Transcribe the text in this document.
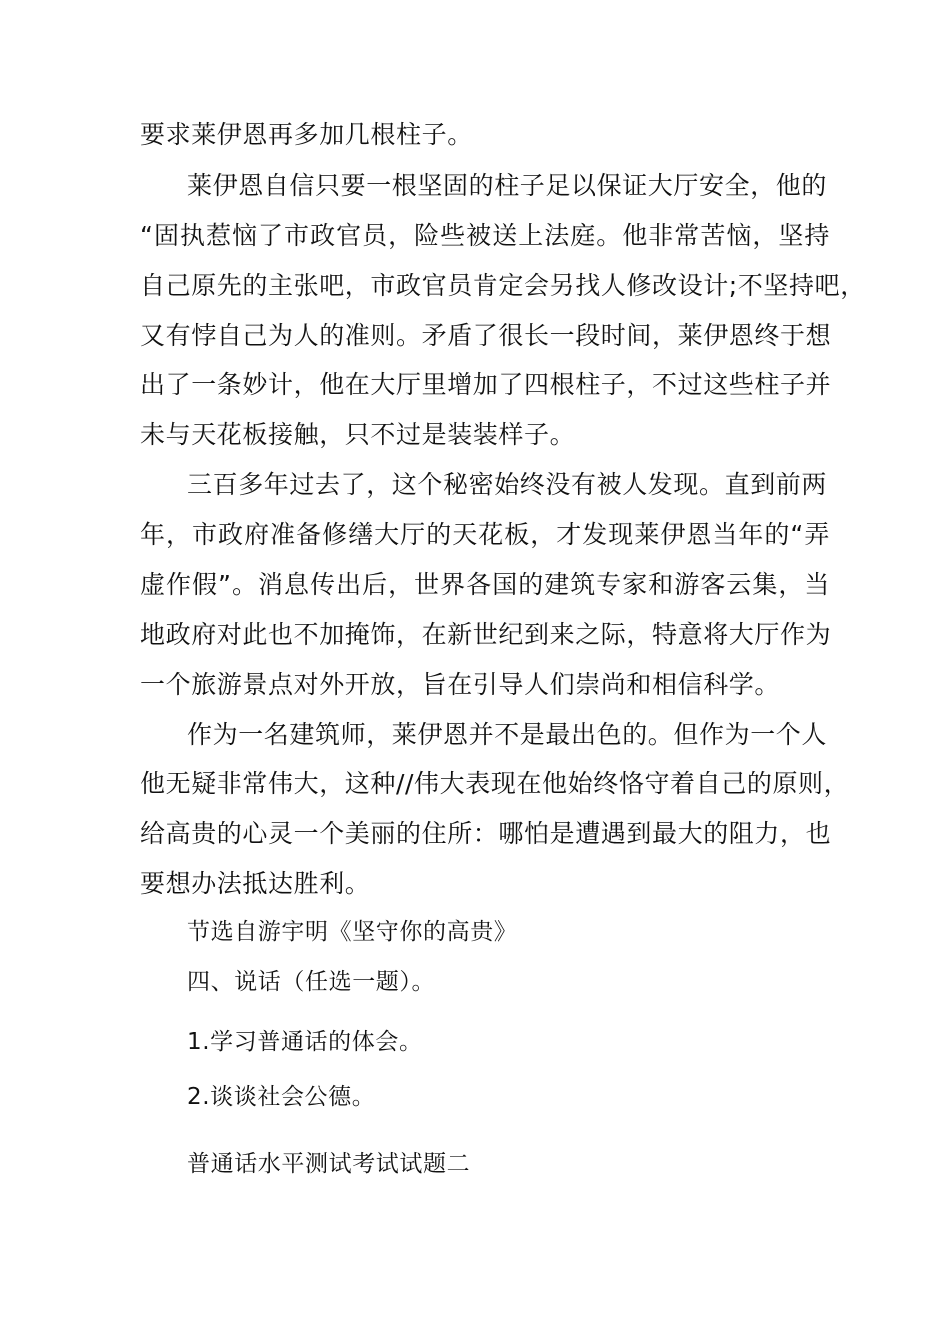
要求莱伊恩再多加几根柱子。
莱伊恩自信只要一根坚固的柱子足以保证大厅安全，他的
“固执惹恼了市政官员，险些被送上法庭。他非常苦恼，坚持
自己原先的主张吧，市政官员肯定会另找人修改设计;不坚持吧，
又有悖自己为人的准则。矛盾了很长一段时间，莱伊恩终于想
出了一条妙计，他在大厅里增加了四根柱子，不过这些柱子并
未与天花板接触，只不过是装装样子。
三百多年过去了，这个秘密始终没有被人发现。直到前两
年，市政府准备修缮大厅的天花板，才发现莱伊恩当年的“弄
虚作假”。消息传出后，世界各国的建筑专家和游客云集，当
地政府对此也不加掩饰，在新世纪到来之际，特意将大厅作为
一个旅游景点对外开放，旨在引导人们崇尚和相信科学。
作为一名建筑师，莱伊恩并不是最出色的。但作为一个人
他无疑非常伟大，这种//伟大表现在他始终恪守着自己的原则，
给高贵的心灵一个美丽的住所：哪怕是遭遇到最大的阻力，也
要想办法抵达胜利。
节选自游宇明《坚守你的高贵》
四、说话（任选一题）。
1.学习普通话的体会。
2.谈谈社会公德。
普通话水平测试考试试题二
